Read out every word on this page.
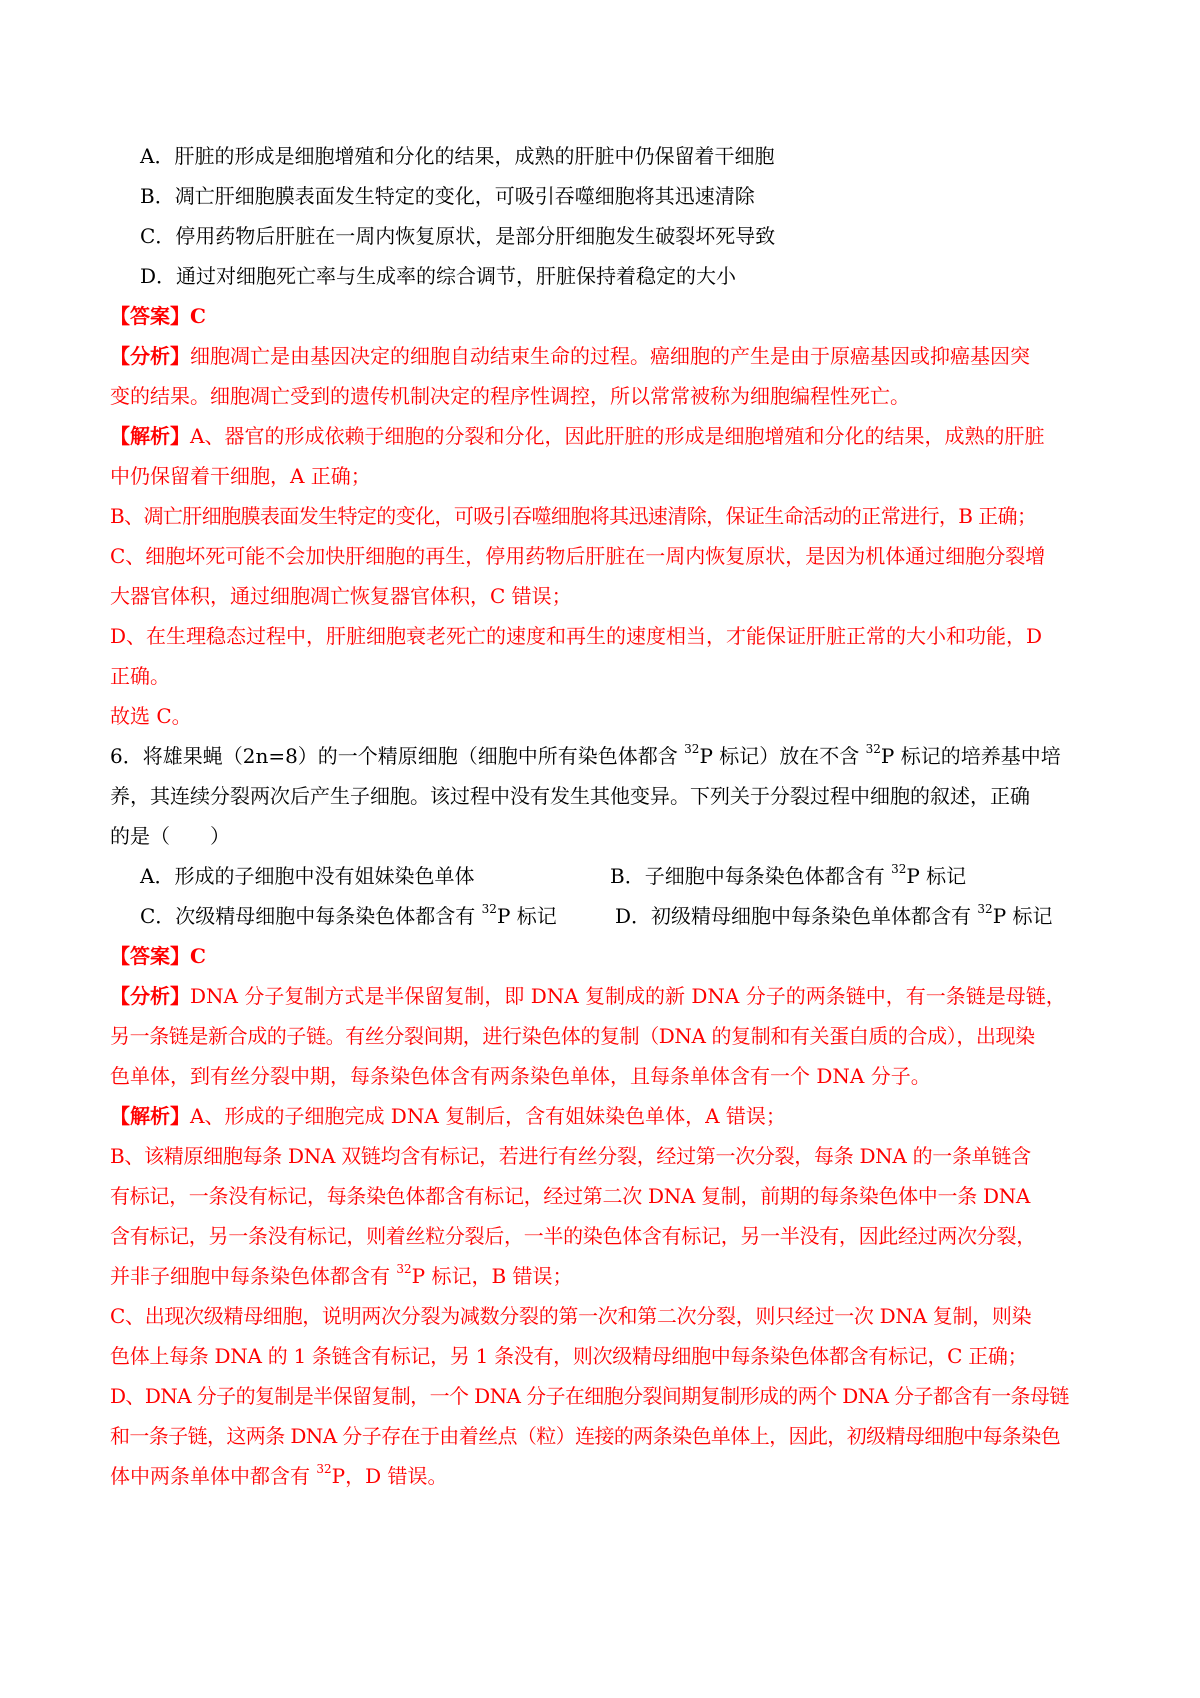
A．肝脏的形成是细胞增殖和分化的结果，成熟的肝脏中仍保留着干细胞
B．凋亡肝细胞膜表面发生特定的变化，可吸引吞噬细胞将其迅速清除
C．停用药物后肝脏在一周内恢复原状，是部分肝细胞发生破裂坏死导致
D．通过对细胞死亡率与生成率的综合调节，肝脏保持着稳定的大小
【答案】C
【分析】细胞凋亡是由基因决定的细胞自动结束生命的过程。癌细胞的产生是由于原癌基因或抑癌基因突
变的结果。细胞凋亡受到的遗传机制决定的程序性调控，所以常常被称为细胞编程性死亡。
【解析】A、器官的形成依赖于细胞的分裂和分化，因此肝脏的形成是细胞增殖和分化的结果，成熟的肝脏
中仍保留着干细胞，A 正确；
B、凋亡肝细胞膜表面发生特定的变化，可吸引吞噬细胞将其迅速清除，保证生命活动的正常进行，B 正确；
C、细胞坏死可能不会加快肝细胞的再生，停用药物后肝脏在一周内恢复原状，是因为机体通过细胞分裂增
大器官体积，通过细胞凋亡恢复器官体积，C 错误；
D、在生理稳态过程中，肝脏细胞衰老死亡的速度和再生的速度相当，才能保证肝脏正常的大小和功能，D
正确。
故选 C。
6．将雄果蝇（2n=8）的一个精原细胞（细胞中所有染色体都含 $^{32}$P 标记）放在不含 $^{32}$P 标记的培养基中培
养，其连续分裂两次后产生子细胞。该过程中没有发生其他变异。下列关于分裂过程中细胞的叙述，正确
的是（　　）
A．形成的子细胞中没有姐妹染色单体	B．子细胞中每条染色体都含有 $^{32}$P 标记
C．次级精母细胞中每条染色体都含有 $^{32}$P 标记	D．初级精母细胞中每条染色单体都含有 $^{32}$P 标记
【答案】C
【分析】DNA 分子复制方式是半保留复制，即 DNA 复制成的新 DNA 分子的两条链中，有一条链是母链，
另一条链是新合成的子链。有丝分裂间期，进行染色体的复制（DNA 的复制和有关蛋白质的合成），出现染
色单体，到有丝分裂中期，每条染色体含有两条染色单体，且每条单体含有一个 DNA 分子。
【解析】A、形成的子细胞完成 DNA 复制后，含有姐妹染色单体，A 错误；
B、该精原细胞每条 DNA 双链均含有标记，若进行有丝分裂，经过第一次分裂，每条 DNA 的一条单链含
有标记，一条没有标记，每条染色体都含有标记，经过第二次 DNA 复制，前期的每条染色体中一条 DNA
含有标记，另一条没有标记，则着丝粒分裂后，一半的染色体含有标记，另一半没有，因此经过两次分裂，
并非子细胞中每条染色体都含有 $^{32}$P 标记，B 错误；
C、出现次级精母细胞，说明两次分裂为减数分裂的第一次和第二次分裂，则只经过一次 DNA 复制，则染
色体上每条 DNA 的 1 条链含有标记，另 1 条没有，则次级精母细胞中每条染色体都含有标记，C 正确；
D、DNA 分子的复制是半保留复制，一个 DNA 分子在细胞分裂间期复制形成的两个 DNA 分子都含有一条母链
和一条子链，这两条 DNA 分子存在于由着丝点（粒）连接的两条染色单体上，因此，初级精母细胞中每条染色
体中两条单体中都含有 $^{32}$P，D 错误。
